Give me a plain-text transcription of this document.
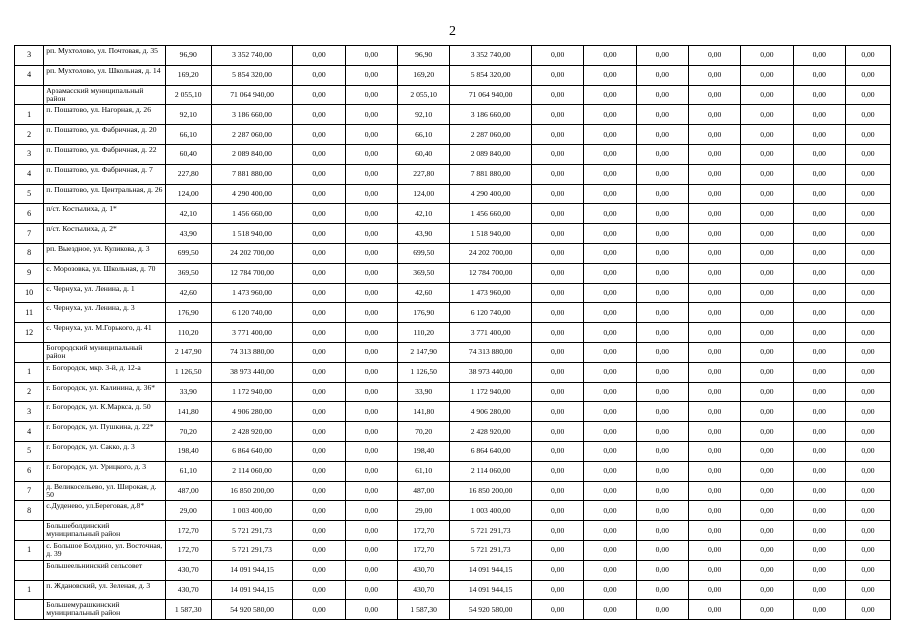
2
3	рп. Мухтолово, ул. Почтовая, д. 35	96,90	3 352 740,00	0,00	0,00	96,90	3 352 740,00	0,00	0,00	0,00	0,00	0,00	0,00	0,00
4	рп. Мухтолово, ул. Школьная, д. 14	169,20	5 854 320,00	0,00	0,00	169,20	5 854 320,00	0,00	0,00	0,00	0,00	0,00	0,00	0,00
	Арзамасский муниципальный район	2 055,10	71 064 940,00	0,00	0,00	2 055,10	71 064 940,00	0,00	0,00	0,00	0,00	0,00	0,00	0,00
1	п. Пошатово, ул. Нагорная, д. 26	92,10	3 186 660,00	0,00	0,00	92,10	3 186 660,00	0,00	0,00	0,00	0,00	0,00	0,00	0,00
2	п. Пошатово, ул. Фабричная, д. 20	66,10	2 287 060,00	0,00	0,00	66,10	2 287 060,00	0,00	0,00	0,00	0,00	0,00	0,00	0,00
3	п. Пошатово, ул. Фабричная, д. 22	60,40	2 089 840,00	0,00	0,00	60,40	2 089 840,00	0,00	0,00	0,00	0,00	0,00	0,00	0,00
4	п. Пошатово, ул. Фабричная, д. 7	227,80	7 881 880,00	0,00	0,00	227,80	7 881 880,00	0,00	0,00	0,00	0,00	0,00	0,00	0,00
5	п. Пошатово, ул. Центральная, д. 26	124,00	4 290 400,00	0,00	0,00	124,00	4 290 400,00	0,00	0,00	0,00	0,00	0,00	0,00	0,00
6	п/ст. Костылиха, д. 1*	42,10	1 456 660,00	0,00	0,00	42,10	1 456 660,00	0,00	0,00	0,00	0,00	0,00	0,00	0,00
7	п/ст. Костылиха, д. 2*	43,90	1 518 940,00	0,00	0,00	43,90	1 518 940,00	0,00	0,00	0,00	0,00	0,00	0,00	0,00
8	рп. Выездное, ул. Куликова, д. 3	699,50	24 202 700,00	0,00	0,00	699,50	24 202 700,00	0,00	0,00	0,00	0,00	0,00	0,00	0,00
9	с. Морозовка, ул. Школьная, д. 70	369,50	12 784 700,00	0,00	0,00	369,50	12 784 700,00	0,00	0,00	0,00	0,00	0,00	0,00	0,00
10	с. Чернуха, ул. Ленина, д. 1	42,60	1 473 960,00	0,00	0,00	42,60	1 473 960,00	0,00	0,00	0,00	0,00	0,00	0,00	0,00
11	с. Чернуха, ул. Ленина, д. 3	176,90	6 120 740,00	0,00	0,00	176,90	6 120 740,00	0,00	0,00	0,00	0,00	0,00	0,00	0,00
12	с. Чернуха, ул. М.Горького, д. 41	110,20	3 771 400,00	0,00	0,00	110,20	3 771 400,00	0,00	0,00	0,00	0,00	0,00	0,00	0,00
	Богородский муниципальный район	2 147,90	74 313 880,00	0,00	0,00	2 147,90	74 313 880,00	0,00	0,00	0,00	0,00	0,00	0,00	0,00
1	г. Богородск, мкр. 3-й, д. 12-а	1 126,50	38 973 440,00	0,00	0,00	1 126,50	38 973 440,00	0,00	0,00	0,00	0,00	0,00	0,00	0,00
2	г. Богородск, ул. Калинина, д. 36*	33,90	1 172 940,00	0,00	0,00	33,90	1 172 940,00	0,00	0,00	0,00	0,00	0,00	0,00	0,00
3	г. Богородск, ул. К.Маркса, д. 50	141,80	4 906 280,00	0,00	0,00	141,80	4 906 280,00	0,00	0,00	0,00	0,00	0,00	0,00	0,00
4	г. Богородск, ул. Пушкина, д. 22*	70,20	2 428 920,00	0,00	0,00	70,20	2 428 920,00	0,00	0,00	0,00	0,00	0,00	0,00	0,00
5	г. Богородск, ул. Сакко, д. 3	198,40	6 864 640,00	0,00	0,00	198,40	6 864 640,00	0,00	0,00	0,00	0,00	0,00	0,00	0,00
6	г. Богородск, ул. Урицкого, д. 3	61,10	2 114 060,00	0,00	0,00	61,10	2 114 060,00	0,00	0,00	0,00	0,00	0,00	0,00	0,00
7	д. Великосельево, ул. Широкая, д. 50	487,00	16 850 200,00	0,00	0,00	487,00	16 850 200,00	0,00	0,00	0,00	0,00	0,00	0,00	0,00
8	с.Дуденево, ул.Береговая, д.8*	29,00	1 003 400,00	0,00	0,00	29,00	1 003 400,00	0,00	0,00	0,00	0,00	0,00	0,00	0,00
	Большеболдинский муниципальный район	172,70	5 721 291,73	0,00	0,00	172,70	5 721 291,73	0,00	0,00	0,00	0,00	0,00	0,00	0,00
1	с. Большое Болдино, ул. Восточная, д. 39	172,70	5 721 291,73	0,00	0,00	172,70	5 721 291,73	0,00	0,00	0,00	0,00	0,00	0,00	0,00
	Большеельнинский сельсовет	430,70	14 091 944,15	0,00	0,00	430,70	14 091 944,15	0,00	0,00	0,00	0,00	0,00	0,00	0,00
1	п. Ждановский, ул. Зеленая, д. 3	430,70	14 091 944,15	0,00	0,00	430,70	14 091 944,15	0,00	0,00	0,00	0,00	0,00	0,00	0,00
	Большемурашкинский муниципальный район	1 587,30	54 920 580,00	0,00	0,00	1 587,30	54 920 580,00	0,00	0,00	0,00	0,00	0,00	0,00	0,00
